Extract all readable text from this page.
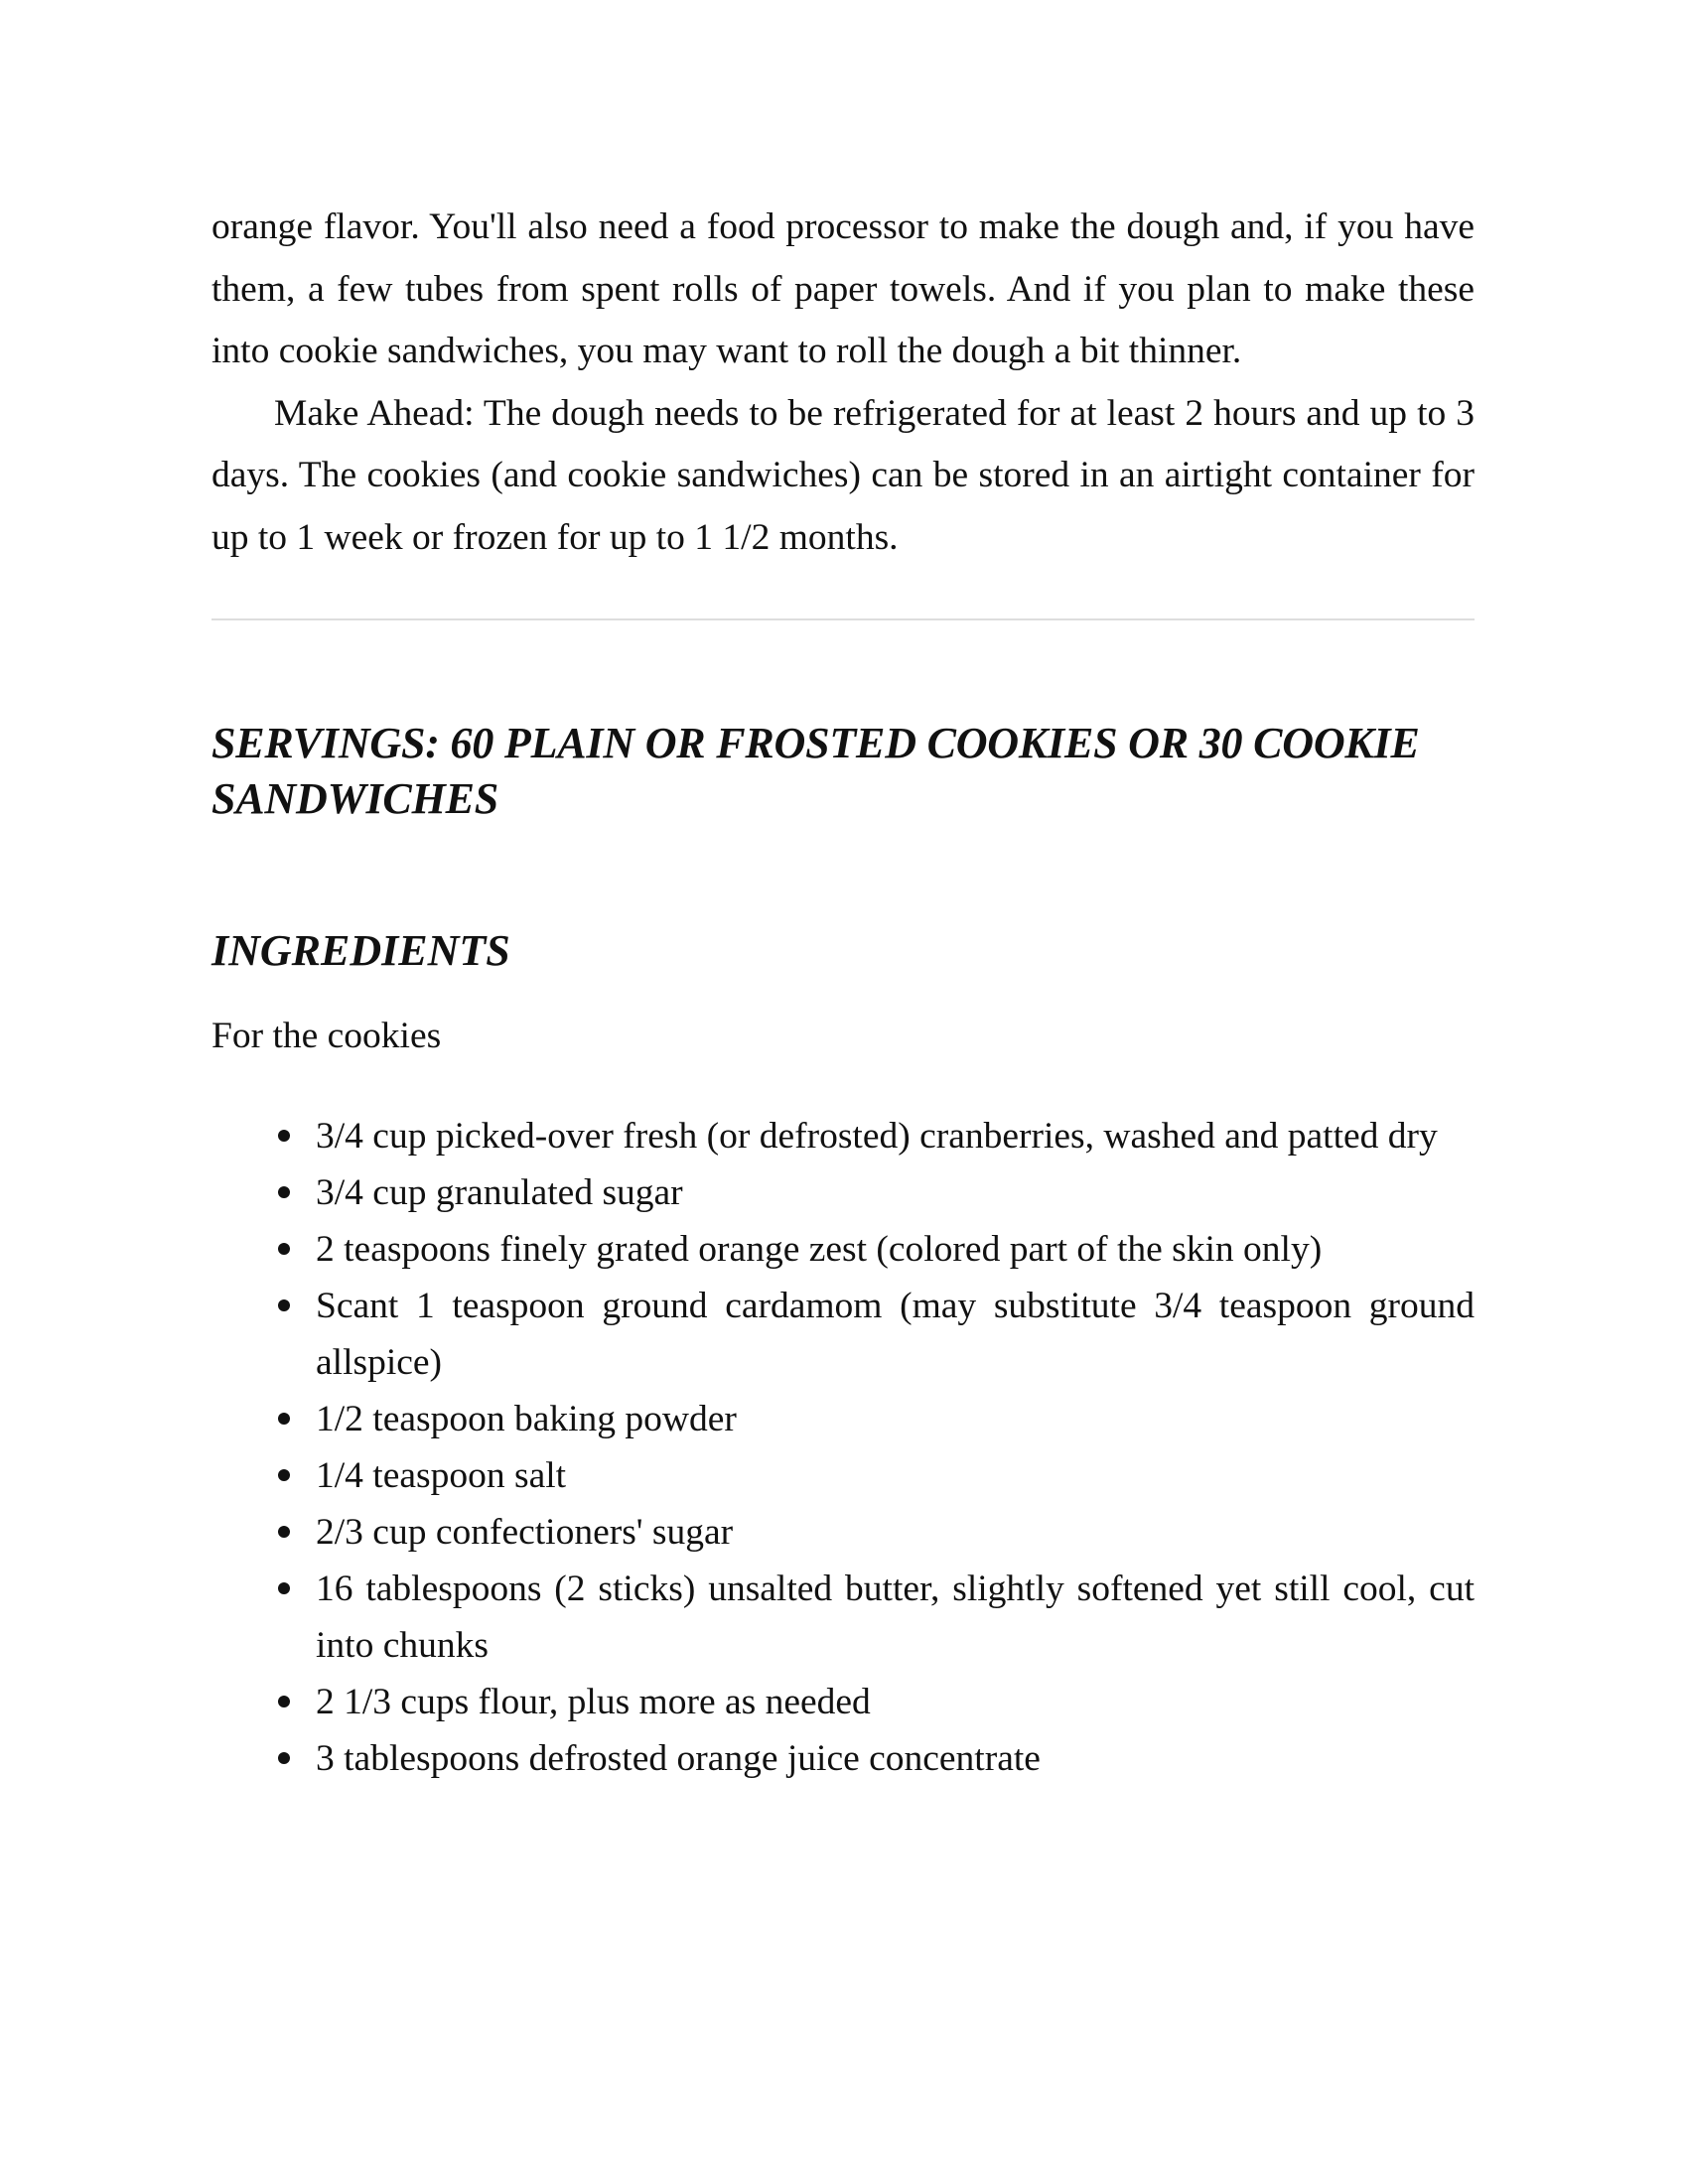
orange flavor. You'll also need a food processor to make the dough and, if you have them, a few tubes from spent rolls of paper towels. And if you plan to make these into cookie sandwiches, you may want to roll the dough a bit thinner.

Make Ahead: The dough needs to be refrigerated for at least 2 hours and up to 3 days. The cookies (and cookie sandwiches) can be stored in an airtight container for up to 1 week or frozen for up to 1 1/2 months.

SERVINGS: 60 PLAIN OR FROSTED COOKIES OR 30 COOKIE SANDWICHES
INGREDIENTS

For the cookies

3/4 cup picked-over fresh (or defrosted) cranberries, washed and patted dry
3/4 cup granulated sugar
2 teaspoons finely grated orange zest (colored part of the skin only)
Scant 1 teaspoon ground cardamom (may substitute 3/4 teaspoon ground allspice)
1/2 teaspoon baking powder
1/4 teaspoon salt
2/3 cup confectioners' sugar
16 tablespoons (2 sticks) unsalted butter, slightly softened yet still cool, cut into chunks
2 1/3 cups flour, plus more as needed
3 tablespoons defrosted orange juice concentrate
